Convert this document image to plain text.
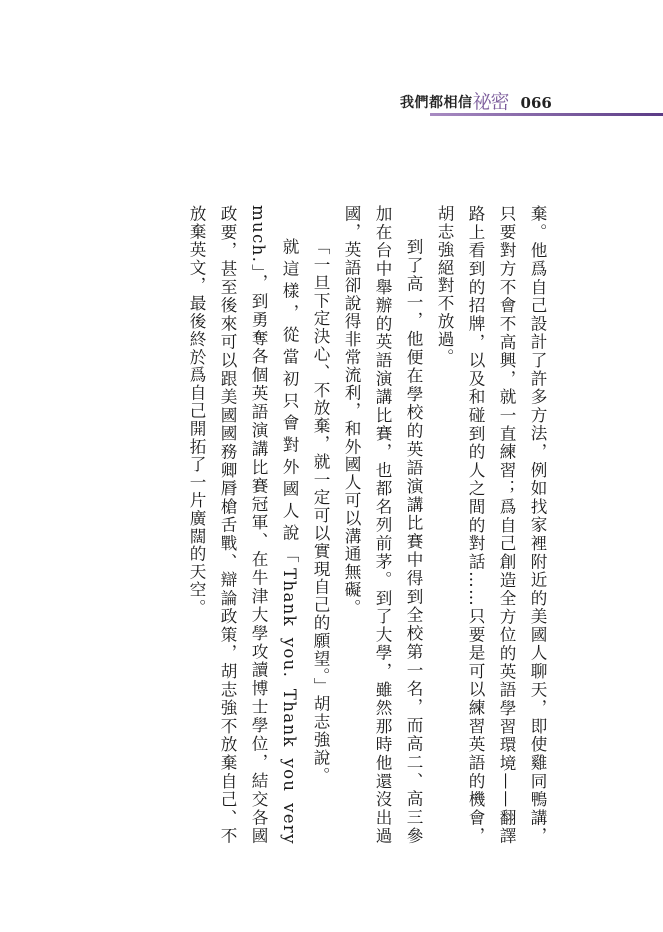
我們都相信 祕密 066

棄。他爲自己設計了許多方法，例如找家裡附近的美國人聊天，即使雞同鴨講，只要對方不會不高興，就一直練習；爲自己創造全方位的英語學習環境——翻譯路上看到的招牌，以及和碰到的人之間的對話……只要是可以練習英語的機會，胡志強絕對不放過。

到了高一，他便在學校的英語演講比賽中得到全校第一名，而高二、高三參加在台中舉辦的英語演講比賽，也都名列前茅。到了大學，雖然那時他還沒出過國，英語卻說得非常流利，和外國人可以溝通無礙。

「一旦下定決心、不放棄，就一定可以實現自己的願望。」胡志強說。

就這樣，從當初只會對外國人說「Thank you. Thank you very much.」，到勇奪各個英語演講比賽冠軍、在牛津大學攻讀博士學位，結交各國政要，甚至後來可以跟美國國務卿脣槍舌戰、辯論政策，胡志強不放棄自己、不放棄英文，最後終於爲自己開拓了一片廣闊的天空。
